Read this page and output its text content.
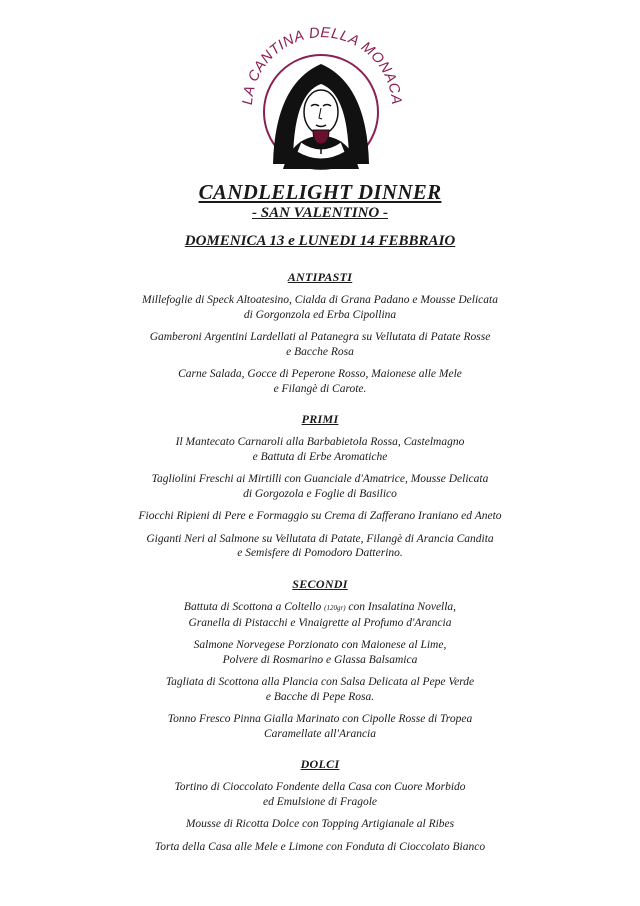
LA CANTINA DELLA MONACA
CANDLELIGHT DINNER
- SAN VALENTINO -
DOMENICA 13 e LUNEDI 14 FEBBRAIO
ANTIPASTI
Millefoglie di Speck Altoatesino, Cialda di Grana Padano e Mousse Delicata
di Gorgonzola ed Erba Cipollina
Gamberoni Argentini Lardellati al Patanegra su Vellutata di Patate Rosse
e Bacche Rosa
Carne Salada, Gocce di Peperone Rosso, Maionese alle Mele
e Filangè di Carote.
PRIMI
Il Mantecato Carnaroli alla Barbabietola Rossa, Castelmagno
e Battuta di Erbe Aromatiche
Tagliolini Freschi ai Mirtilli con Guanciale d'Amatrice, Mousse Delicata
di Gorgozola e Foglie di Basilico
Fiocchi Ripieni di Pere e Formaggio su Crema di Zafferano Iraniano ed Aneto
Giganti Neri al Salmone su Vellutata di Patate, Filangè di Arancia Candita
e Semisfere di Pomodoro Datterino.
SECONDI
Battuta di Scottona a Coltello (120gr) con Insalatina Novella,
Granella di Pistacchi e Vinaigrette al Profumo d'Arancia
Salmone Norvegese Porzionato con Maionese al Lime,
Polvere di Rosmarino e Glassa Balsamica
Tagliata di Scottona alla Plancia con Salsa Delicata al Pepe Verde
e Bacche di Pepe Rosa.
Tonno Fresco Pinna Gialla Marinato con Cipolle Rosse di Tropea
Caramellate all'Arancia
DOLCI
Tortino di Cioccolato Fondente della Casa con Cuore Morbido
ed Emulsione di Fragole
Mousse di Ricotta Dolce con Topping Artigianale al Ribes
Torta della Casa alle Mele e Limone con Fonduta di Cioccolato Bianco
